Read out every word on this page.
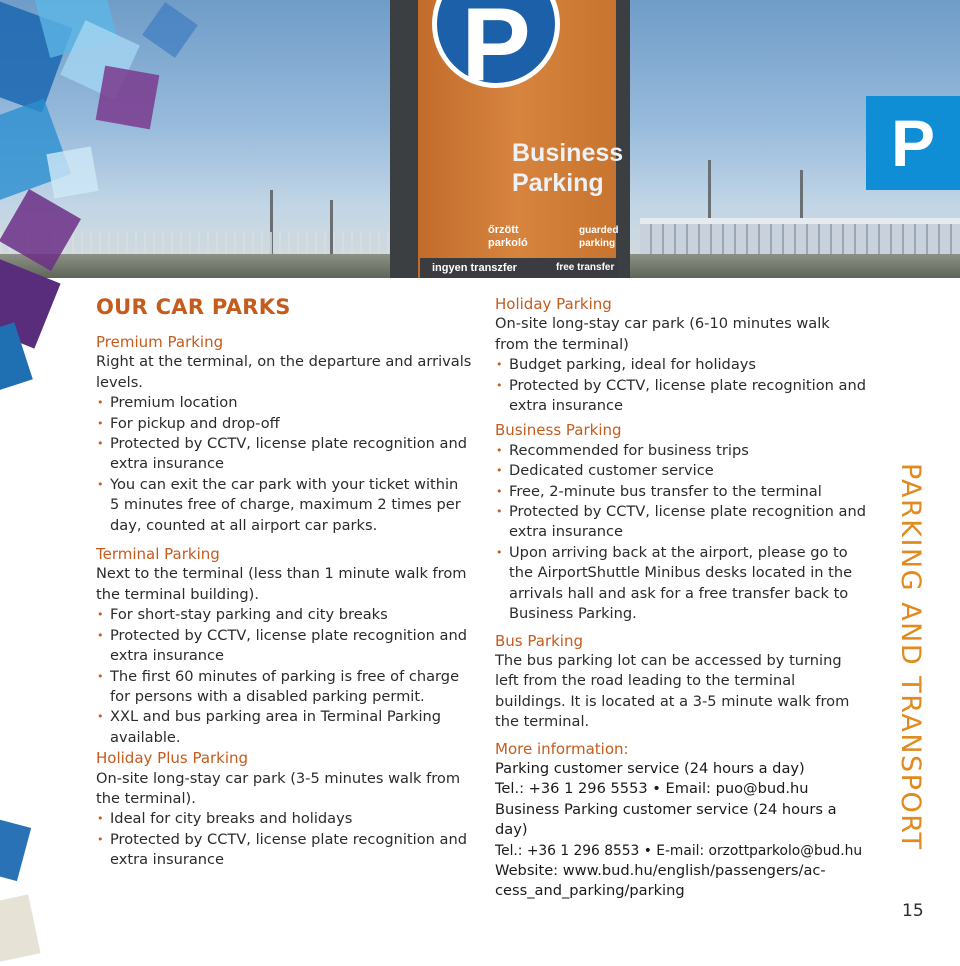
P
Business
Parking
őrzött
parkoló
guarded
parking
ingyen transzfer	free transfer
P
OUR CAR PARKS
Premium Parking
Right at the terminal, on the departure and arrivals levels.
• Premium location
• For pickup and drop-off
• Protected by CCTV, license plate recognition and extra insurance
• You can exit the car park with your ticket within 5 minutes free of charge, maximum 2 times per day, counted at all airport car parks.
Terminal Parking
Next to the terminal (less than 1 minute walk from the terminal building).
• For short-stay parking and city breaks
• Protected by CCTV, license plate recognition and extra insurance
• The first 60 minutes of parking is free of charge for persons with a disabled parking permit.
• XXL and bus parking area in Terminal Parking available.
Holiday Plus Parking
On-site long-stay car park (3-5 minutes walk from the terminal).
• Ideal for city breaks and holidays
• Protected by CCTV, license plate recognition and extra insurance
Holiday Parking
On-site long-stay car park (6-10 minutes walk from the terminal)
• Budget parking, ideal for holidays
• Protected by CCTV, license plate recognition and extra insurance
Business Parking
• Recommended for business trips
• Dedicated customer service
• Free, 2-minute bus transfer to the terminal
• Protected by CCTV, license plate recognition and extra insurance
• Upon arriving back at the airport, please go to the AirportShuttle Minibus desks located in the arrivals hall and ask for a free transfer back to Business Parking.
Bus Parking
The bus parking lot can be accessed by turning left from the road leading to the terminal buildings. It is located at a 3-5 minute walk from the terminal.
More information:
Parking customer service (24 hours a day)
Tel.: +36 1 296 5553 • Email: puo@bud.hu
Business Parking customer service (24 hours a day)
Tel.: +36 1 296 8553 • E-mail: orzottparkolo@bud.hu
Website: www.bud.hu/english/passengers/ac-
cess_and_parking/parking
PARKING AND TRANSPORT
15
